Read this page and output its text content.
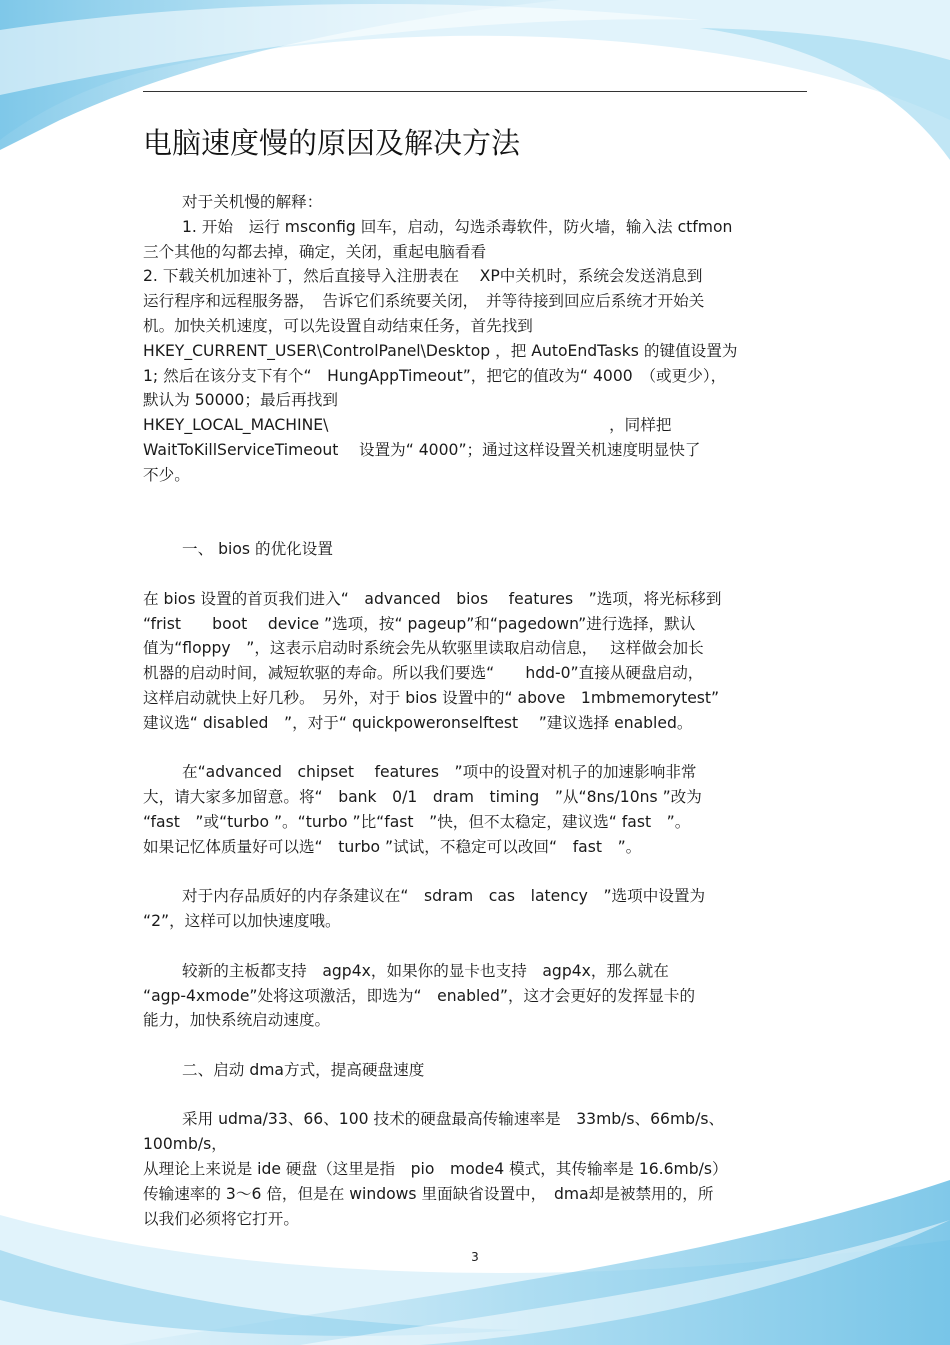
电脑速度慢的原因及解决方法

对于关机慢的解释：

1. 开始　运行 msconfig 回车，启动，勾选杀毒软件，防火墙，输入法 ctfmon

三个其他的勾都去掉，确定，关闭，重起电脑看看

2. 下载关机加速补丁，然后直接导入注册表在　 XP中关机时，系统会发送消息到

运行程序和远程服务器，　告诉它们系统要关闭，　并等待接到回应后系统才开始关

机。加快关机速度，可以先设置自动结束任务，首先找到

HKEY_CURRENT_USER\ControlPanel\Desktop ，把 AutoEndTasks 的键值设置为

1; 然后在该分支下有个“　HungAppTimeout”，把它的值改为“ 4000　（或更少），

默认为 50000；最后再找到

HKEY_LOCAL_MACHINE\　　　　　　　　　　　　　　　　　　，同样把

WaitToKillServiceTimeout　 设置为“ 4000”；通过这样设置关机速度明显快了

不少。

一、 bios 的优化设置

在 bios 设置的首页我们进入“　advanced　bios　 features　”选项，将光标移到

“frist　　boot　 device ”选项，按“ pageup”和“pagedown”进行选择，默认

值为“floppy　”，这表示启动时系统会先从软驱里读取启动信息，　 这样做会加长

机器的启动时间，减短软驱的寿命。所以我们要选“　　hdd-0”直接从硬盘启动，

这样启动就快上好几秒。　另外，对于 bios 设置中的“ above　1mbmemorytest”

建议选“ disabled　”，对于“ quickpoweronselftest　 ”建议选择 enabled。

在“advanced　chipset　 features　”项中的设置对机子的加速影响非常

大，请大家多加留意。将“　bank　0/1　dram　timing　”从“8ns/10ns ”改为

“fast　”或“turbo ”。“turbo ”比“fast　”快，但不太稳定，建议选“ fast　”。

如果记忆体质量好可以选“　turbo ”试试，不稳定可以改回“　fast　”。

对于内存品质好的内存条建议在“　sdram　cas　latency　”选项中设置为

“2”，这样可以加快速度哦。

较新的主板都支持　agp4x，如果你的显卡也支持　agp4x，那么就在

“agp-4xmode”处将这项激活，即选为“　enabled”，这才会更好的发挥显卡的

能力，加快系统启动速度。

二、启动 dma方式，提高硬盘速度

采用 udma/33、66、100 技术的硬盘最高传输速率是　33mb/s、66mb/s、100mb/s，

从理论上来说是 ide 硬盘（这里是指　pio　mode4 模式，其传输率是 16.6mb/s）

传输速率的 3～6 倍，但是在 windows 里面缺省设置中，　dma却是被禁用的，所

以我们必须将它打开。

3
